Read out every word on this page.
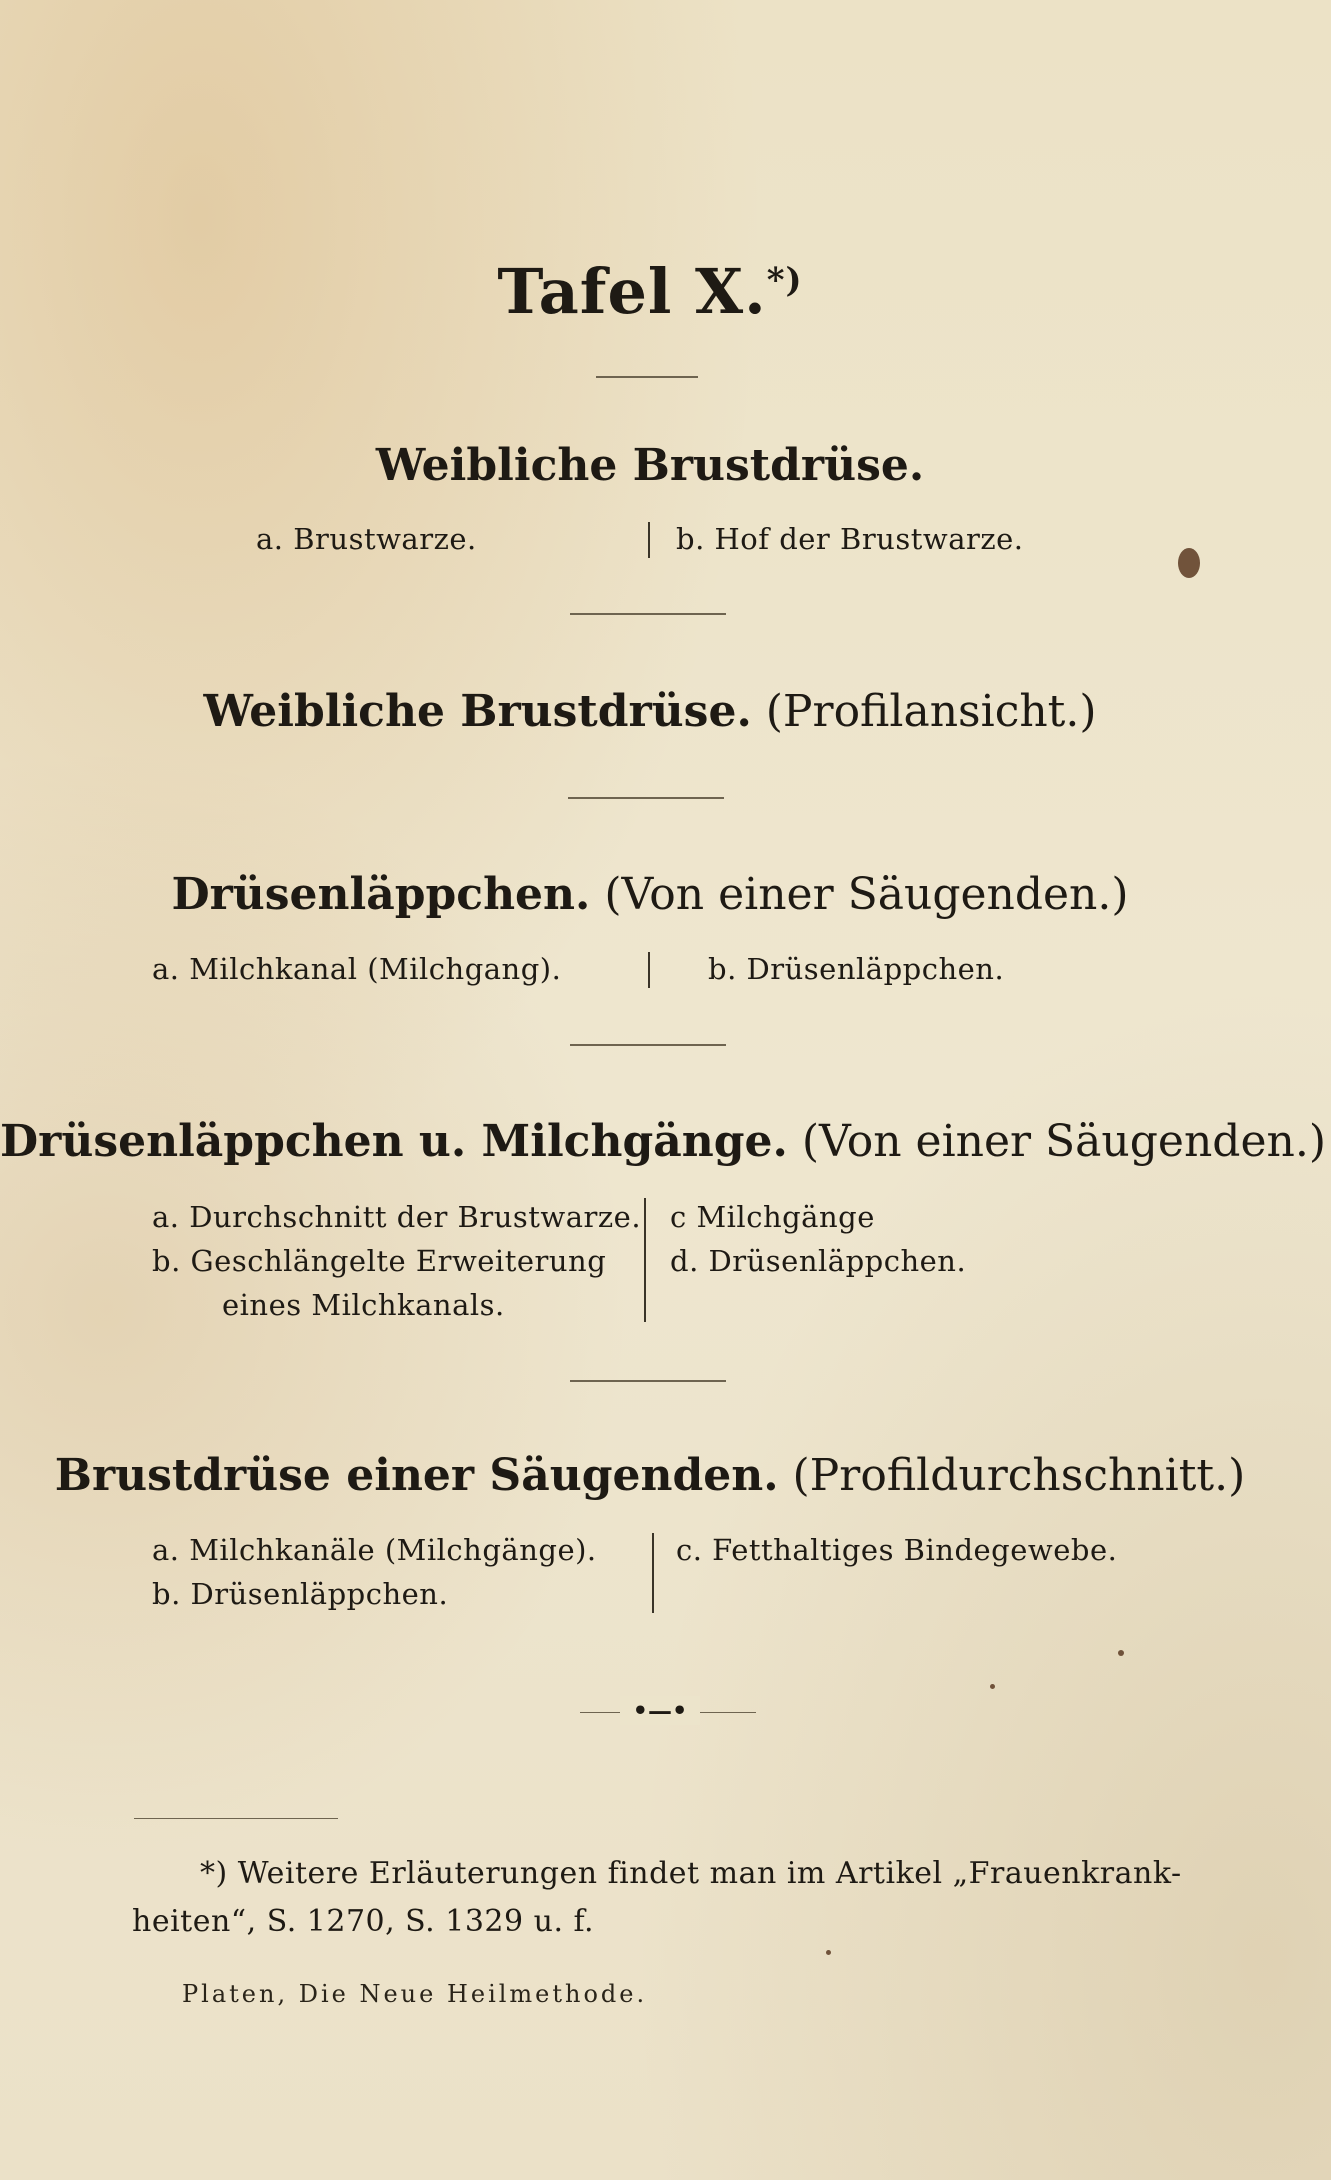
Tafel X.*)
Weibliche Brustdrüse.
a. Brustwarze.	b. Hof der Brustwarze.
Weibliche Brustdrüse. (Profilansicht.)
Drüsenläppchen. (Von einer Säugenden.)
a. Milchkanal (Milchgang).	b. Drüsenläppchen.
Drüsenläppchen u. Milchgänge. (Von einer Säugenden.)
a. Durchschnitt der Brustwarze.
b. Geschlängelte Erweiterung
eines Milchkanals.
c Milchgänge
d. Drüsenläppchen.
Brustdrüse einer Säugenden. (Profildurchschnitt.)
a. Milchkanäle (Milchgänge).
b. Drüsenläppchen.
c. Fetthaltiges Bindegewebe.
•—•
*) Weitere Erläuterungen findet man im Artikel „Frauenkrank-
heiten“, S. 1270, S. 1329 u. f.
Platen, Die Neue Heilmethode.
